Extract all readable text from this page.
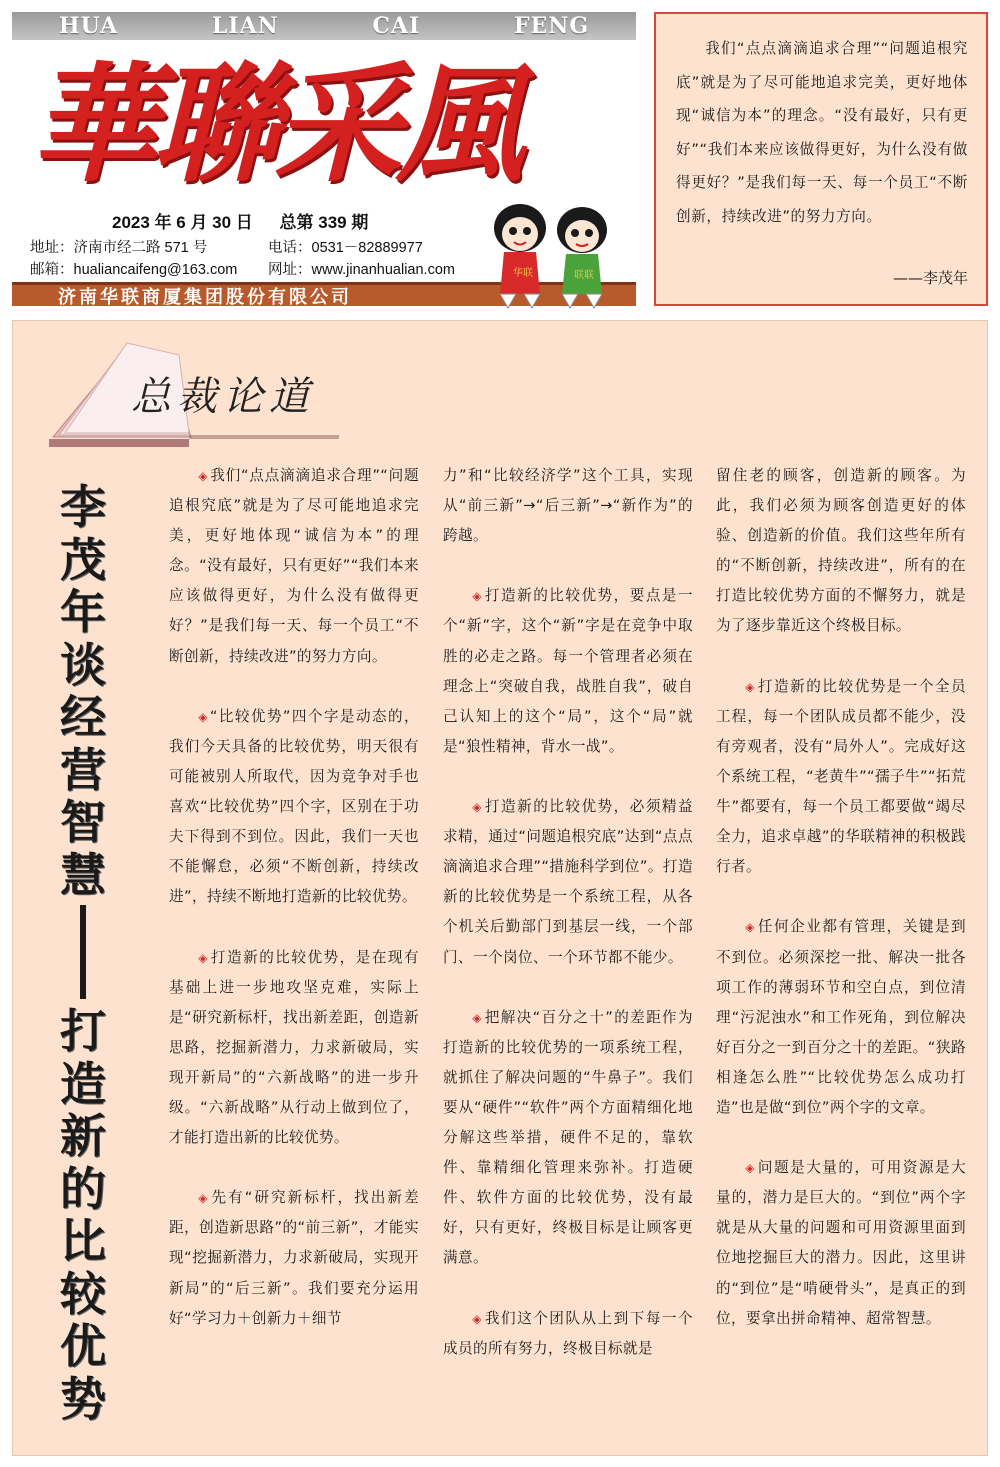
HUA	LIAN	CAI	FENG
華聯采風
2023 年 6 月 30 日 总第 339 期
地址：济南市经二路 571 号
邮箱：hualiancaifeng@163.com
电话：0531－82889977
网址：www.jinanhualian.com
济南华联商厦集团股份有限公司
华联	联联
我们“点点滴滴追求合理”“问题追根究底”就是为了尽可能地追求完美，更好地体现“诚信为本”的理念。“没有最好，只有更好”“我们本来应该做得更好，为什么没有做得更好？”是我们每一天、每一个员工“不断创新，持续改进”的努力方向。
——李茂年
总裁论道
李
茂
年
谈
经
营
智
慧
打
造
新
的
比
较
优
势

◈ 我们“点点滴滴追求合理”“问题追根究底”就是为了尽可能地追求完美，更好地体现“诚信为本”的理念。“没有最好，只有更好”“我们本来应该做得更好，为什么没有做得更好？”是我们每一天、每一个员工“不断创新，持续改进”的努力方向。

◈ “比较优势”四个字是动态的，我们今天具备的比较优势，明天很有可能被别人所取代，因为竞争对手也喜欢“比较优势”四个字，区别在于功夫下得到不到位。因此，我们一天也不能懈怠，必须“不断创新，持续改进”，持续不断地打造新的比较优势。

◈ 打造新的比较优势，是在现有基础上进一步地攻坚克难，实际上是“研究新标杆，找出新差距，创造新思路，挖掘新潜力，力求新破局，实现开新局”的“六新战略”的进一步升级。“六新战略”从行动上做到位了，才能打造出新的比较优势。

◈ 先有“研究新标杆，找出新差距，创造新思路”的“前三新”，才能实现“挖掘新潜力，力求新破局，实现开新局”的“后三新”。我们要充分运用好“学习力＋创新力＋细节

力”和“比较经济学”这个工具，实现从“前三新”→“后三新”→“新作为”的跨越。

◈ 打造新的比较优势，要点是一个“新”字，这个“新”字是在竞争中取胜的必走之路。每一个管理者必须在理念上“突破自我，战胜自我”，破自己认知上的这个“局”，这个“局”就是“狼性精神，背水一战”。

◈ 打造新的比较优势，必须精益求精，通过“问题追根究底”达到“点点滴滴追求合理”“措施科学到位”。打造新的比较优势是一个系统工程，从各个机关后勤部门到基层一线，一个部门、一个岗位、一个环节都不能少。

◈ 把解决“百分之十”的差距作为打造新的比较优势的一项系统工程，就抓住了解决问题的“牛鼻子”。我们要从“硬件”“软件”两个方面精细化地分解这些举措，硬件不足的，靠软件、靠精细化管理来弥补。打造硬件、软件方面的比较优势，没有最好，只有更好，终极目标是让顾客更满意。

◈ 我们这个团队从上到下每一个成员的所有努力，终极目标就是

留住老的顾客，创造新的顾客。为此，我们必须为顾客创造更好的体验、创造新的价值。我们这些年所有的“不断创新，持续改进”，所有的在打造比较优势方面的不懈努力，就是为了逐步靠近这个终极目标。

◈ 打造新的比较优势是一个全员工程，每一个团队成员都不能少，没有旁观者，没有“局外人”。完成好这个系统工程，“老黄牛”“孺子牛”“拓荒牛”都要有，每一个员工都要做“竭尽全力，追求卓越”的华联精神的积极践行者。

◈ 任何企业都有管理，关键是到不到位。必须深挖一批、解决一批各项工作的薄弱环节和空白点，到位清理“污泥浊水”和工作死角，到位解决好百分之一到百分之十的差距。“狭路相逢怎么胜”“比较优势怎么成功打造”也是做“到位”两个字的文章。

◈ 问题是大量的，可用资源是大量的，潜力是巨大的。“到位”两个字就是从大量的问题和可用资源里面到位地挖掘巨大的潜力。因此，这里讲的“到位”是“啃硬骨头”，是真正的到位，要拿出拼命精神、超常智慧。
